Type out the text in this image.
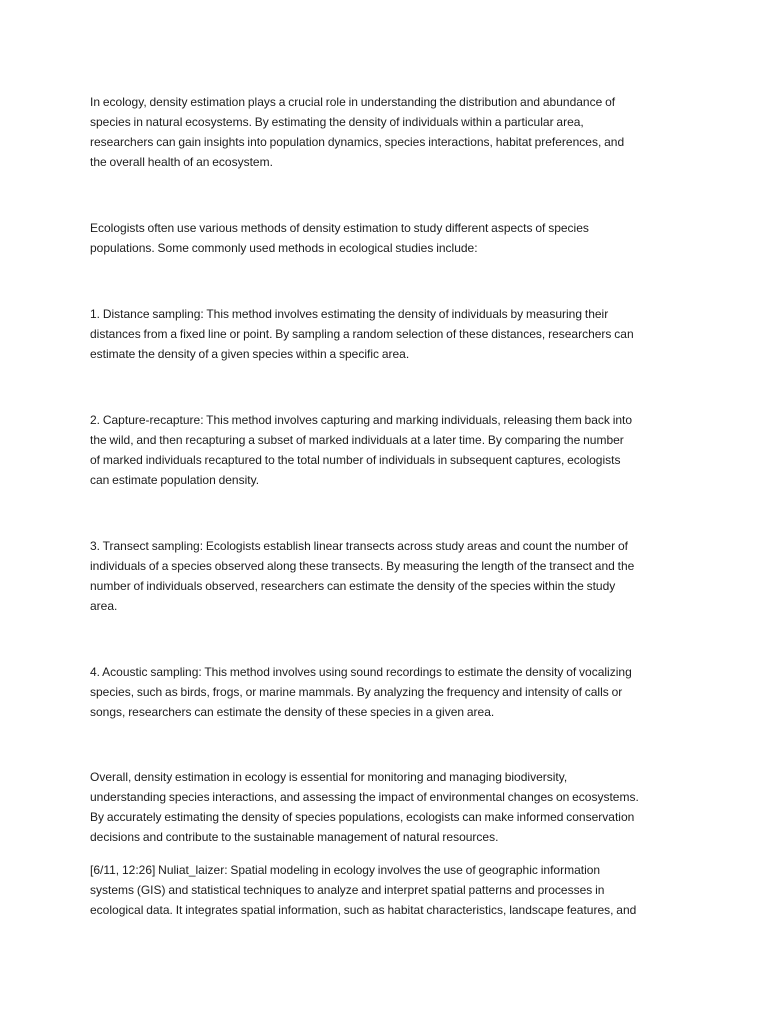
In ecology, density estimation plays a crucial role in understanding the distribution and abundance of
species in natural ecosystems. By estimating the density of individuals within a particular area,
researchers can gain insights into population dynamics, species interactions, habitat preferences, and
the overall health of an ecosystem.
Ecologists often use various methods of density estimation to study different aspects of species
populations. Some commonly used methods in ecological studies include:
1. Distance sampling: This method involves estimating the density of individuals by measuring their
distances from a fixed line or point. By sampling a random selection of these distances, researchers can
estimate the density of a given species within a specific area.
2. Capture-recapture: This method involves capturing and marking individuals, releasing them back into
the wild, and then recapturing a subset of marked individuals at a later time. By comparing the number
of marked individuals recaptured to the total number of individuals in subsequent captures, ecologists
can estimate population density.
3. Transect sampling: Ecologists establish linear transects across study areas and count the number of
individuals of a species observed along these transects. By measuring the length of the transect and the
number of individuals observed, researchers can estimate the density of the species within the study
area.
4. Acoustic sampling: This method involves using sound recordings to estimate the density of vocalizing
species, such as birds, frogs, or marine mammals. By analyzing the frequency and intensity of calls or
songs, researchers can estimate the density of these species in a given area.
Overall, density estimation in ecology is essential for monitoring and managing biodiversity,
understanding species interactions, and assessing the impact of environmental changes on ecosystems.
By accurately estimating the density of species populations, ecologists can make informed conservation
decisions and contribute to the sustainable management of natural resources.
[6/11, 12:26] Nuliat_laizer: Spatial modeling in ecology involves the use of geographic information
systems (GIS) and statistical techniques to analyze and interpret spatial patterns and processes in
ecological data. It integrates spatial information, such as habitat characteristics, landscape features, and
